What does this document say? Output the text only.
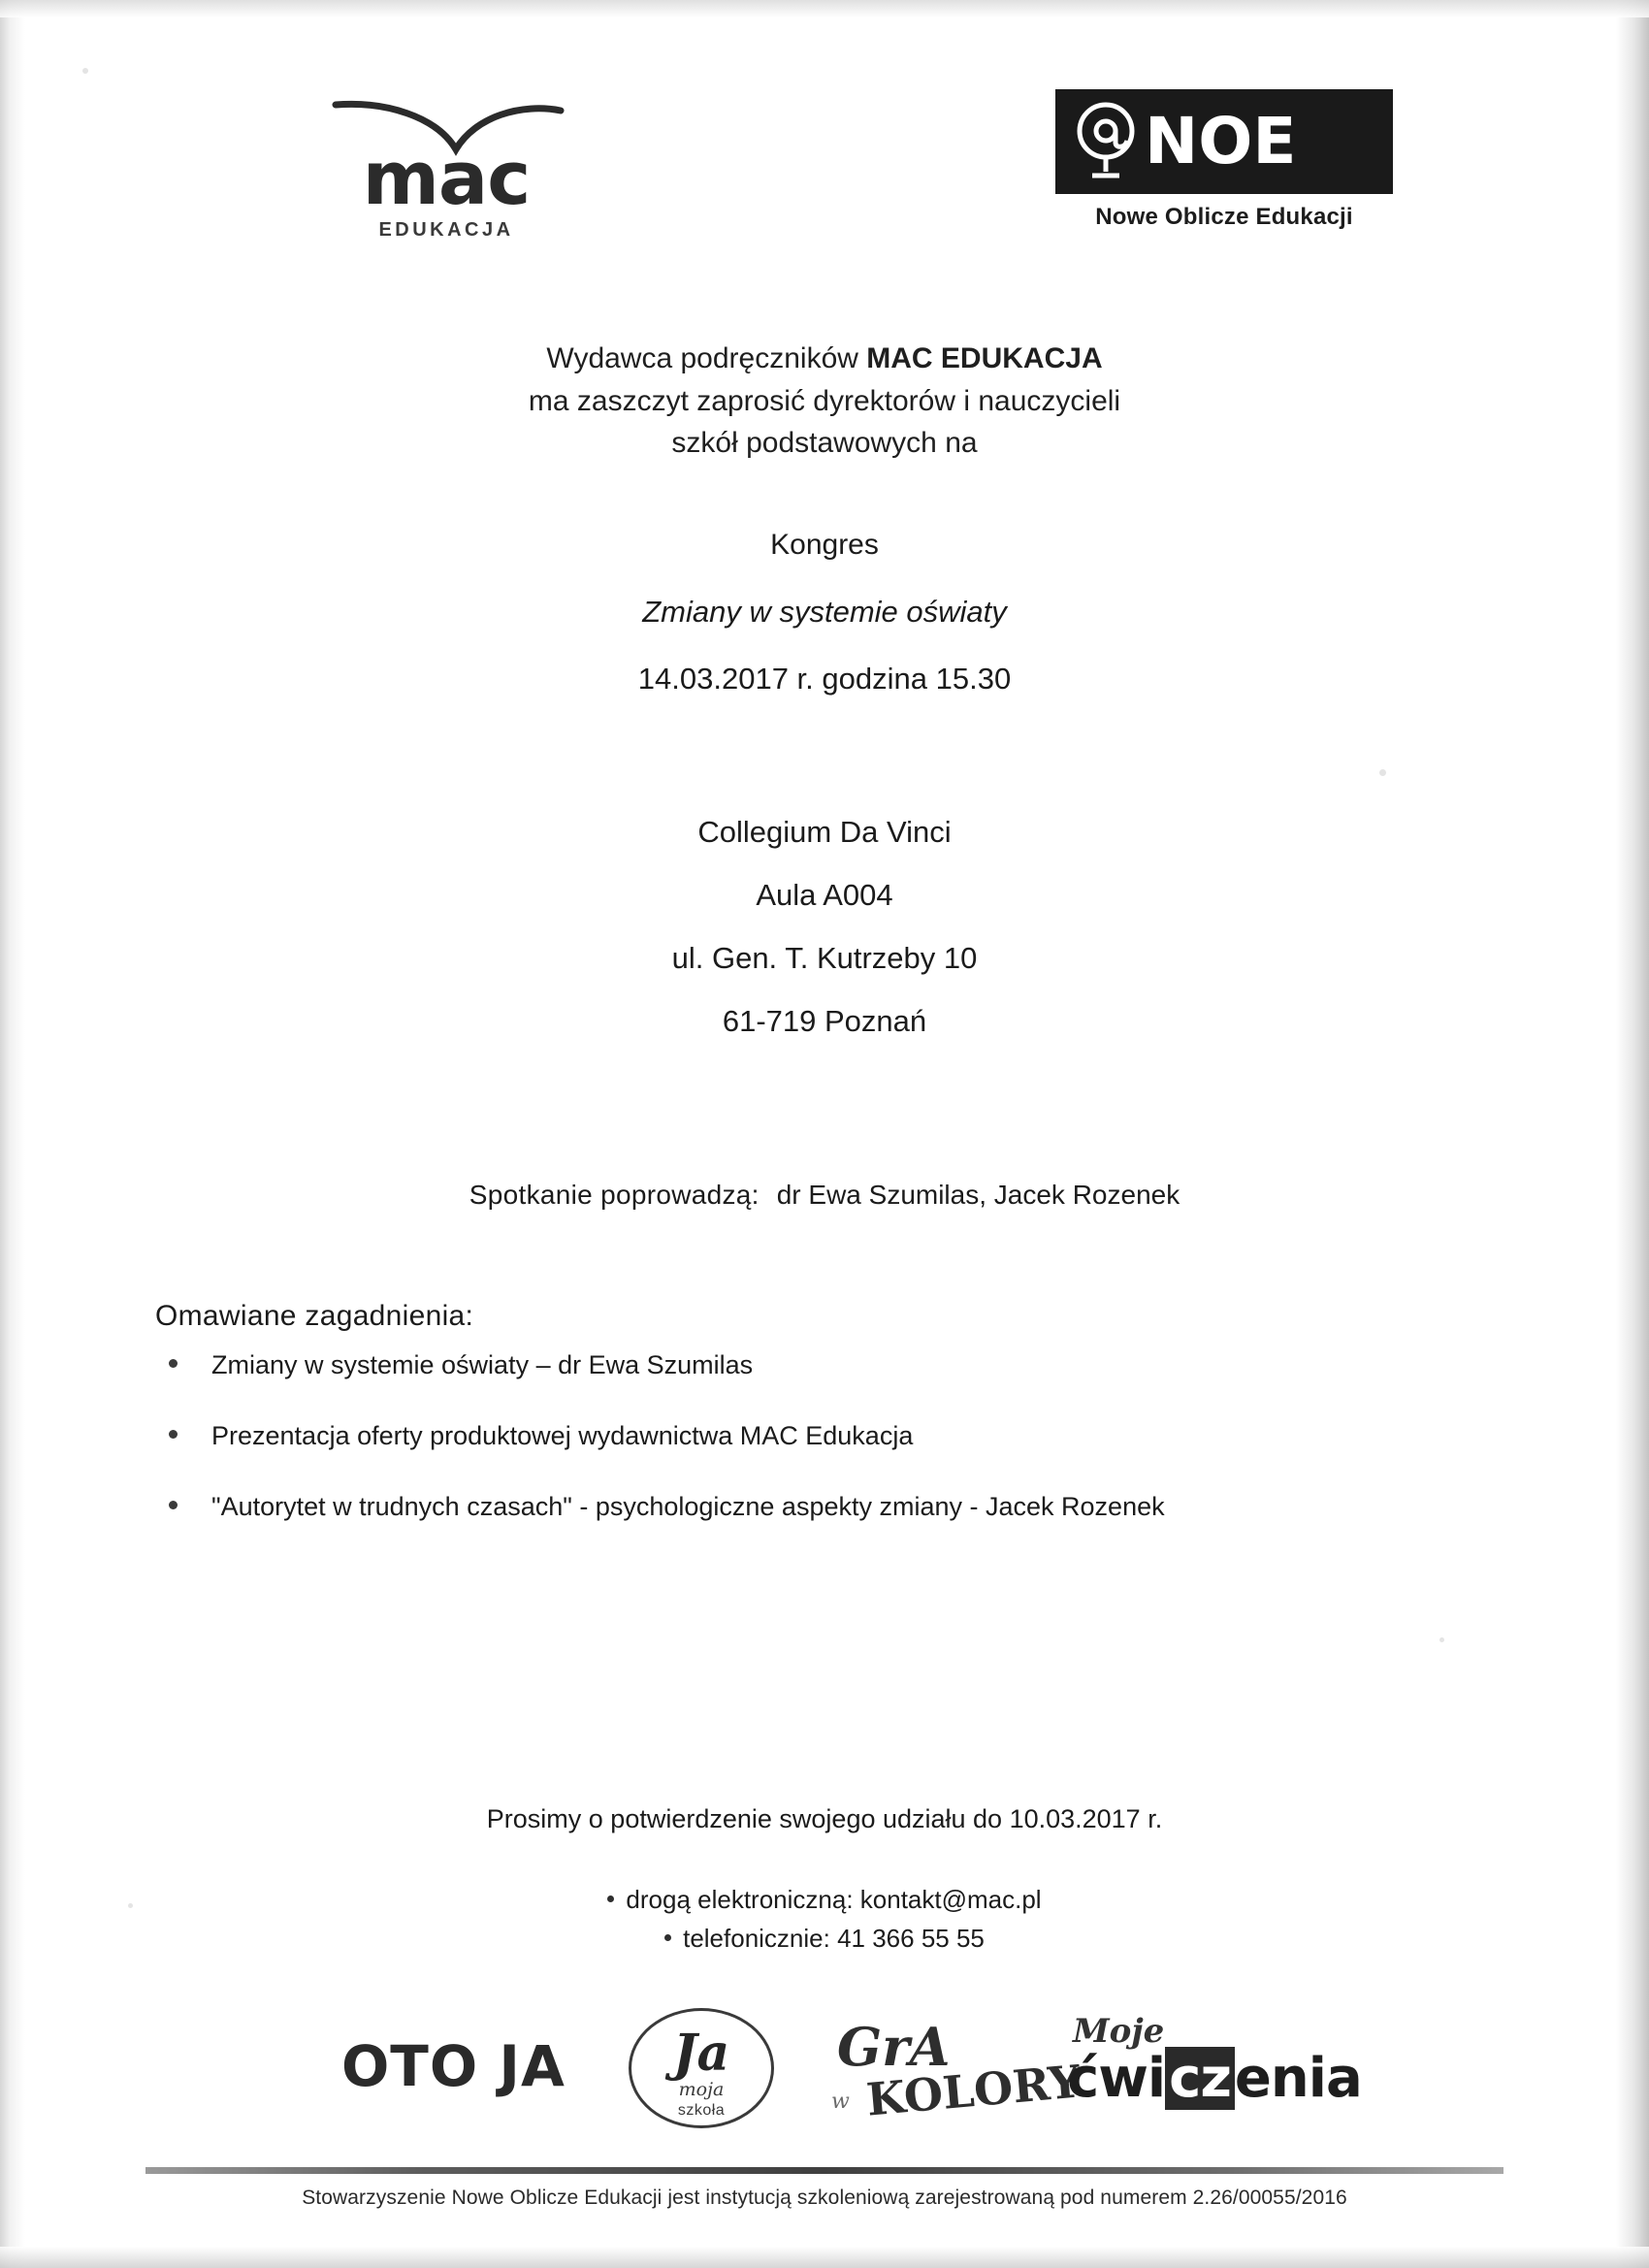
mac
EDUKACJA
NOE
Nowe Oblicze Edukacji
Wydawca podręczników MAC EDUKACJA
ma zaszczyt zaprosić dyrektorów i nauczycieli
szkół podstawowych na
Kongres
Zmiany w systemie oświaty
14.03.2017 r. godzina 15.30
Collegium Da Vinci
Aula A004
ul. Gen. T. Kutrzeby 10
61-719 Poznań
Spotkanie poprowadzą: dr Ewa Szumilas, Jacek Rozenek
Omawiane zagadnienia:
Zmiany w systemie oświaty – dr Ewa Szumilas
Prezentacja oferty produktowej wydawnictwa MAC Edukacja
"Autorytet w trudnych czasach" - psychologiczne aspekty zmiany - Jacek Rozenek
Prosimy o potwierdzenie swojego udziału do 10.03.2017 r.
drogą elektroniczną: kontakt@mac.pl
telefonicznie: 41 366 55 55
OTO JA	Ja
moja
szkoła
GrA
w KOLORY
Moje
ćwiczenia
Stowarzyszenie Nowe Oblicze Edukacji jest instytucją szkoleniową zarejestrowaną pod numerem 2.26/00055/2016
